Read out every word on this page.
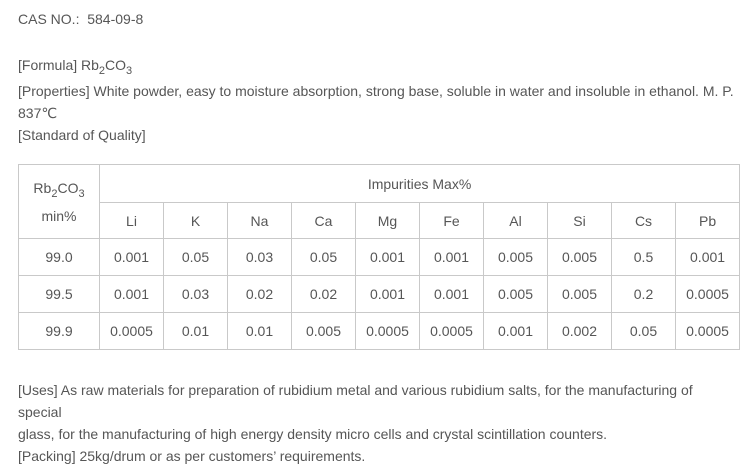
CAS NO.:  584-09-8

[Formula] $Rb_2CO_3$

[Properties] White powder, easy to moisture absorption, strong base, soluble in water and insoluble in ethanol. M. P.
837℃

[Standard of Quality]

$Rb_2CO_3$
min%	Impurities Max%									
	Li	K	Na	Ca	Mg	Fe	Al	Si	Cs	Pb
99.0	0.001	0.05	0.03	0.05	0.001	0.001	0.005	0.005	0.5	0.001
99.5	0.001	0.03	0.02	0.02	0.001	0.001	0.005	0.005	0.2	0.0005
99.9	0.0005	0.01	0.01	0.005	0.0005	0.0005	0.001	0.002	0.05	0.0005

[Uses] As raw materials for preparation of rubidium metal and various rubidium salts, for the manufacturing of special
glass, for the manufacturing of high energy density micro cells and crystal scintillation counters.

[Packing] 25kg/drum or as per customers’ requirements.
